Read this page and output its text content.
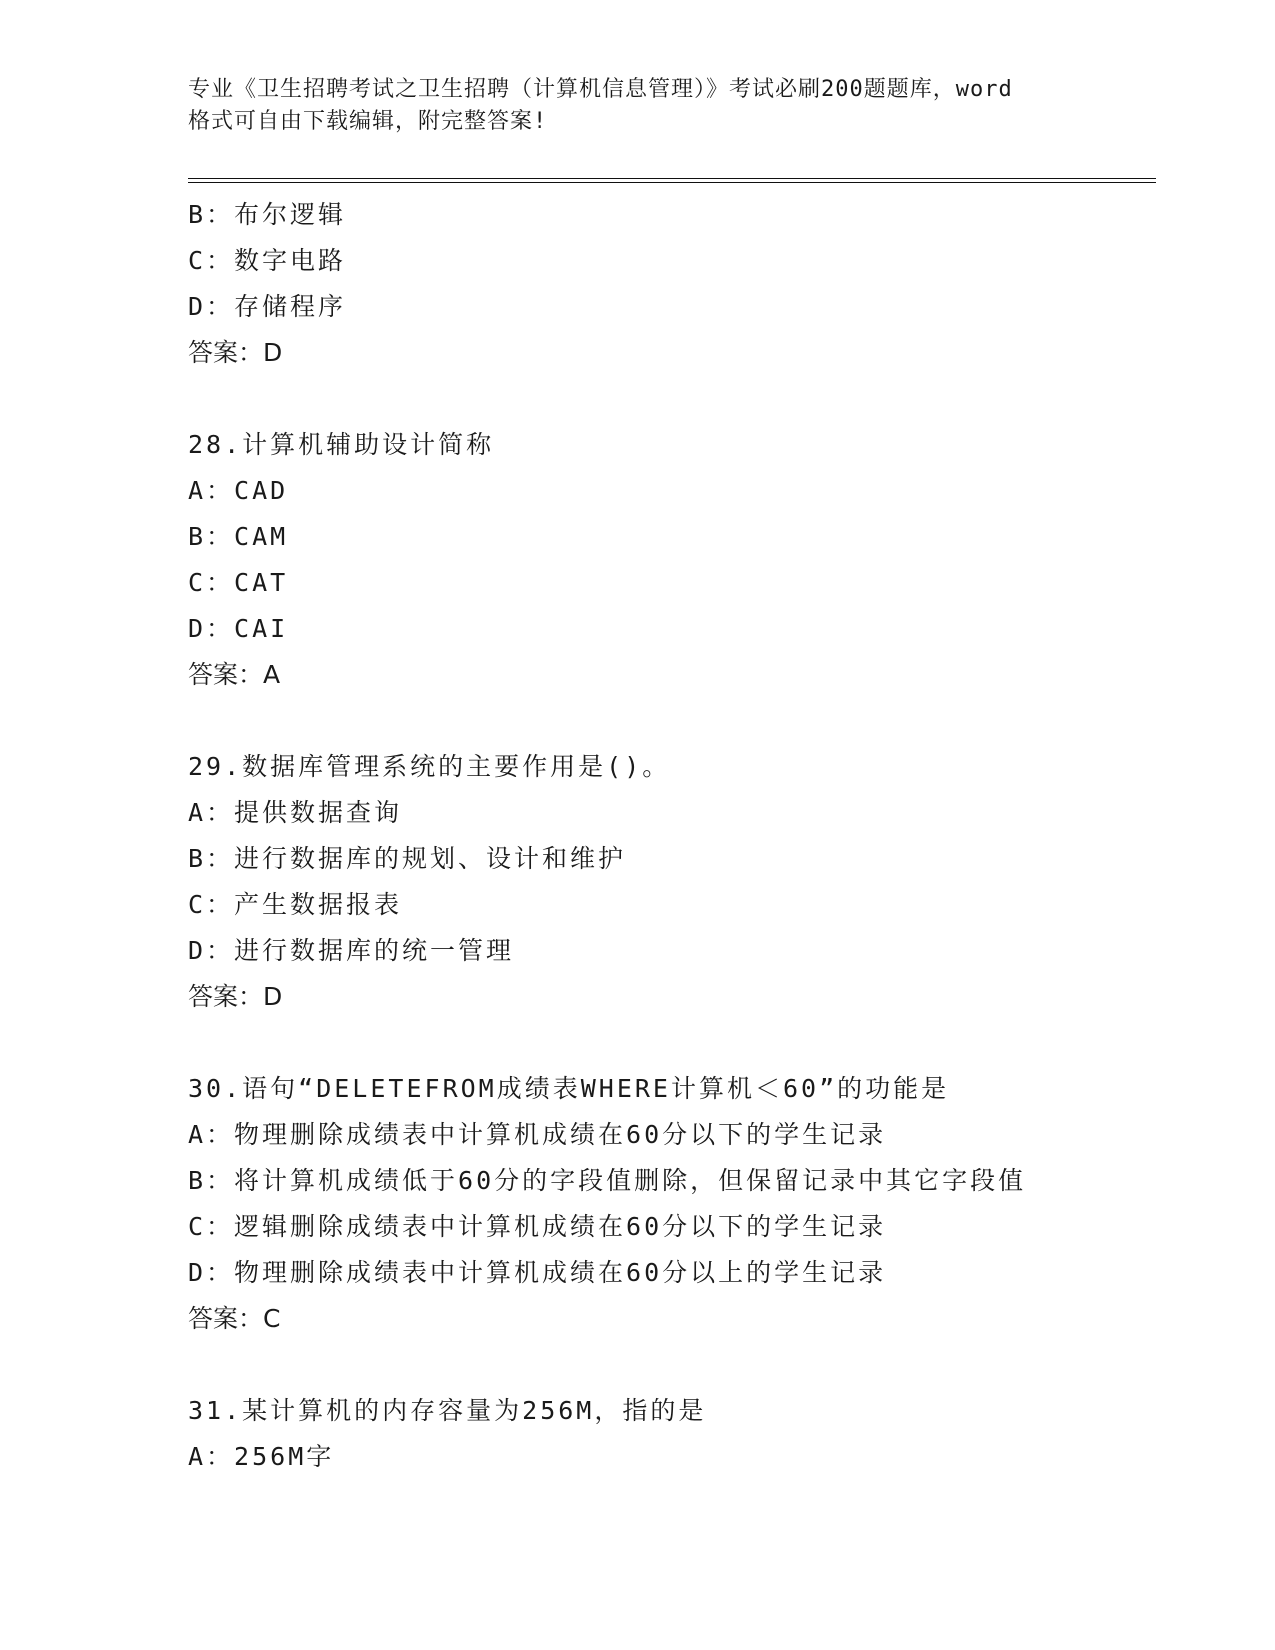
专业《卫生招聘考试之卫生招聘（计算机信息管理）》考试必刷200题题库，word
格式可自由下载编辑，附完整答案!
B：布尔逻辑
C：数字电路
D：存储程序
答案：D
28.计算机辅助设计简称
A：CAD
B：CAM
C：CAT
D：CAI
答案：A
29.数据库管理系统的主要作用是()。
A：提供数据查询
B：进行数据库的规划、设计和维护
C：产生数据报表
D：进行数据库的统一管理
答案：D
30.语句“DELETEFROM成绩表WHERE计算机＜60”的功能是
A：物理删除成绩表中计算机成绩在60分以下的学生记录
B：将计算机成绩低于60分的字段值删除，但保留记录中其它字段值
C：逻辑删除成绩表中计算机成绩在60分以下的学生记录
D：物理删除成绩表中计算机成绩在60分以上的学生记录
答案：C
31.某计算机的内存容量为256M，指的是
A：256M字
